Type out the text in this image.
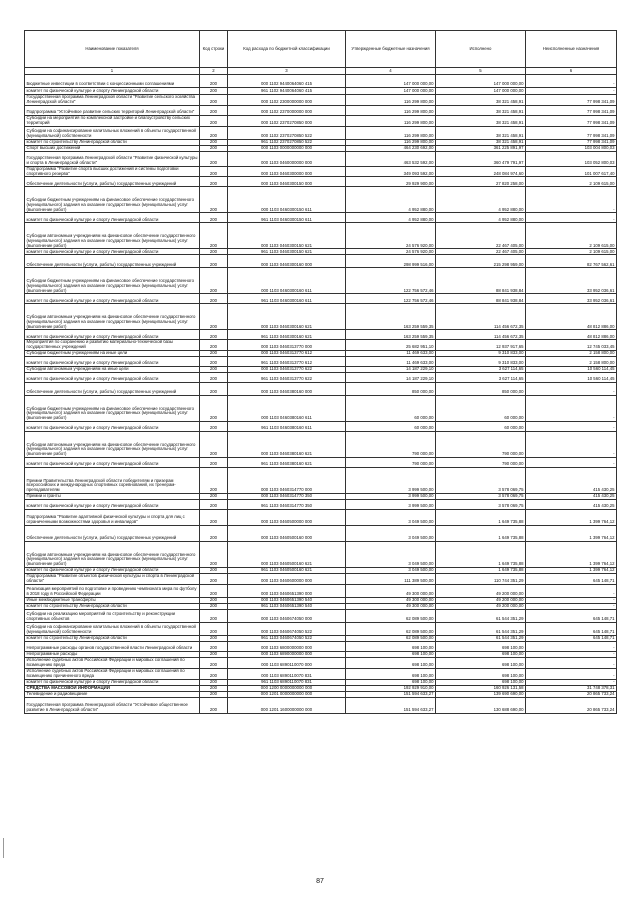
Наименование показателя	Код строки	Код расхода по бюджетной классификации	Утвержденные бюджетные назначения	Исполнено	Неисполненные назначения
1	2	3	4	5	6
Бюджетные инвестиции в соответствии с концессионными соглашениями	200	000 1102 9440064060 415	147 000 000,00	147 000 000,00	-
комитет по физической культуре и спорту Ленинградской области	200	961 1102 9440064060 415	147 000 000,00	147 000 000,00	-
Государственная программа Ленинградской области "Развитие сельского хозяйства Ленинградской области"	200	000 1102 2300000000 000	116 299 800,00	38 321 458,91	77 998 341,09
Подпрограмма "Устойчивое развитие сельских территорий Ленинградской области"	200	000 1102 2370000000 000	116 299 800,00	38 321 458,91	77 998 341,09
Субсидии на мероприятия по комплексной застройке и благоустройству сельских территорий	200	000 1102 2370270850 000	116 299 800,00	38 321 458,91	77 998 341,09
Субсидии на софинансирование капитальных вложений в объекты государственной (муниципальной) собственности	200	000 1102 2370270850 522	116 299 800,00	38 321 458,91	77 998 341,09
комитет по строительству Ленинградской области	200	961 1102 2370270850 522	116 299 800,00	38 321 458,91	77 998 341,09
Спорт высших достижений	200	000 1103 0000000000 000	464 230 692,00	361 225 891,97	103 004 800,03
Государственная программа Ленинградской области "Развитие физической культуры и спорта в Ленинградской области"	200	000 1103 0460000000 000	463 532 592,00	360 479 791,97	103 052 800,03
Подпрограмма "Развитие спорта высших достижений и системы подготовки спортивного резерва"	200	000 1103 0460300000 000	349 093 592,00	248 084 974,60	101 007 617,40
Обеспечение деятельности (услуги, работы) государственных учреждений	200	000 1103 0460300150 000	29 929 900,00	27 820 258,00	2 109 615,00
Субсидии бюджетным учреждениям на финансовое обеспечение государственного (муниципального) задания на оказание государственных (муниципальных) услуг (выполнение работ)	200	000 1103 0460300150 611	4 952 880,00	4 952 880,00	-
комитет по физической культуре и спорту Ленинградской области	200	961 1103 0460300150 611	4 952 880,00	4 952 880,00	-
Субсидии автономным учреждениям на финансовое обеспечение государственного (муниципального) задания на оказание государственных (муниципальных) услуг (выполнение работ)	200	000 1103 0460300150 621	24 576 920,00	22 467 405,00	2 109 615,00
комитет по физической культуре и спорту Ленинградской области	200	961 1103 0460300150 621	24 576 920,00	22 467 405,00	2 109 615,00
Обеспечение деятельности (услуги, работы) государственных учреждений	200	000 1103 0460300160 000	298 999 516,00	215 298 959,00	82 767 562,61
Субсидии бюджетным учреждениям на финансовое обеспечение государственного (муниципального) задания на оказание государственных (муниципальных) услуг (выполнение работ)	200	000 1103 0460300160 611	122 756 572,46	88 841 938,84	33 952 036,61
комитет по физической культуре и спорту Ленинградской области	200	961 1103 0460300160 611	122 756 572,46	88 841 938,84	33 952 036,61
Субсидии автономным учреждениям на финансовое обеспечение государственного (муниципального) задания на оказание государственных (муниципальных) услуг (выполнение работ)	200	000 1103 0460300160 621	163 259 559,35	114 456 672,35	48 812 886,00
комитет по физической культуре и спорту Ленинградской области	200	961 1103 0460300160 621	163 259 559,35	114 456 672,35	48 812 886,00
Мероприятия по сохранению и развитию материально-технической базы государственных учреждений	200	000 1103 0460313770 000	25 682 951,10	12 937 917,65	12 745 033,45
Субсидии бюджетным учреждениям на иные цели	200	000 1103 0460313770 612	11 469 633,00	9 310 833,00	2 158 800,00
комитет по физической культуре и спорту Ленинградской области	200	961 1103 0460313770 612	11 469 633,00	9 310 833,00	2 158 800,00
Субсидии автономным учреждениям на иные цели	200	000 1103 0460313770 622	14 187 229,10	3 627 114,65	10 560 114,45
комитет по физической культуре и спорту Ленинградской области	200	961 1103 0460313770 622	14 187 229,10	3 627 114,65	10 560 114,45
Обеспечение деятельности (услуги, работы) государственных учреждений	200	000 1103 0460380160 000	850 000,00	850 000,00	-
Субсидии бюджетным учреждениям на финансовое обеспечение государственного (муниципального) задания на оказание государственных (муниципальных) услуг (выполнение работ)	200	000 1103 0460380160 611	60 000,00	60 000,00	-
комитет по физической культуре и спорту Ленинградской области	200	961 1103 0460380160 611	60 000,00	60 000,00	-
Субсидии автономным учреждениям на финансовое обеспечение государственного (муниципального) задания на оказание государственных (муниципальных) услуг (выполнение работ)	200	000 1103 0460380160 621	790 000,00	790 000,00	-
комитет по физической культуре и спорту Ленинградской области	200	961 1103 0460380160 621	790 000,00	790 000,00	-
Премии Правительства Ленинградской области победителям и призерам всероссийских и международных спортивных соревнований, их тренерам-преподавателям	200	000 1103 0460314770 000	3 999 500,00	3 578 069,75	415 430,25
Премии и гранты	200	000 1103 0460314770 350	3 999 500,00	3 578 069,75	415 430,25
комитет по физической культуре и спорту Ленинградской области	200	961 1103 0460314770 350	3 999 500,00	3 578 069,75	415 430,25
Подпрограмма "Развитие адаптивной физической культуры и спорта для лиц с ограниченными возможностями здоровья и инвалидов"	200	000 1103 0460500000 000	3 049 500,00	1 649 735,88	1 399 764,12
Обеспечение деятельности (услуги, работы) государственных учреждений	200	000 1103 0460500160 000	3 049 500,00	1 649 735,88	1 399 764,12
Субсидии автономным учреждениям на финансовое обеспечение государственного (муниципального) задания на оказание государственных (муниципальных) услуг (выполнение работ)	200	000 1103 0460500160 621	3 049 500,00	1 649 735,88	1 399 764,12
комитет по физической культуре и спорту Ленинградской области	200	961 1103 0460500160 621	3 049 500,00	1 649 735,88	1 399 764,12
Подпрограмма "Развитие объектов физической культуры и спорта в Ленинградской области"	200	000 1103 0460600000 000	111 389 500,00	110 744 351,29	645 148,71
Реализация мероприятий по подготовке и проведению чемпионата мира по футболу в 2018 году в Российской Федерации	200	000 1103 0460651390 000	49 300 000,00	49 200 000,00	-
Иные межбюджетные трансферты	200	000 1103 0460651390 540	49 300 000,00	49 200 000,00	-
комитет по строительству Ленинградской области	200	961 1103 0460651390 540	49 300 000,00	49 200 000,00	-
Субсидии на реализацию мероприятий по строительству и реконструкции спортивных объектов	200	000 1103 0460674050 000	62 089 500,00	61 544 351,29	645 148,71
Субсидии на софинансирование капитальных вложений в объекты государственной (муниципальной) собственности	200	000 1103 0460674050 522	62 089 500,00	61 544 351,29	645 148,71
комитет по строительству Ленинградской области	200	961 1103 0460674050 522	62 089 500,00	61 544 351,29	645 148,71
Непрограммные расходы органов государственной власти Ленинградской области	200	000 1103 6800000000 000	698 100,00	698 100,00	-
Непрограммные расходы	200	000 1103 6890000000 000	698 100,00	698 100,00	-
Исполнение судебных актов Российской Федерации и мировых соглашений по возмещению вреда	200	000 1103 6890110070 000	698 100,00	698 100,00	-
Исполнение судебных актов Российской Федерации и мировых соглашений по возмещению причиненного вреда	200	000 1103 6890110070 831	698 100,00	698 100,00	-
комитет по физической культуре и спорту Ленинградской области	200	961 1103 6890110070 831	698 100,00	698 100,00	-
СРЕДСТВА МАССОВОЙ ИНФОРМАЦИИ	200	000 1200 0000000000 000	192 929 910,00	160 926 131,58	31 748 378,31
Телевидение и радиовещание	200	000 1201 0000000000 000	151 594 633,27	139 690 690,00	20 865 733,24
Государственная программа Ленинградской области "Устойчивое общественное развитие в Ленинградской области"	200	000 1201 1600000000 000	151 594 633,27	130 688 690,00	20 865 733,24
87
